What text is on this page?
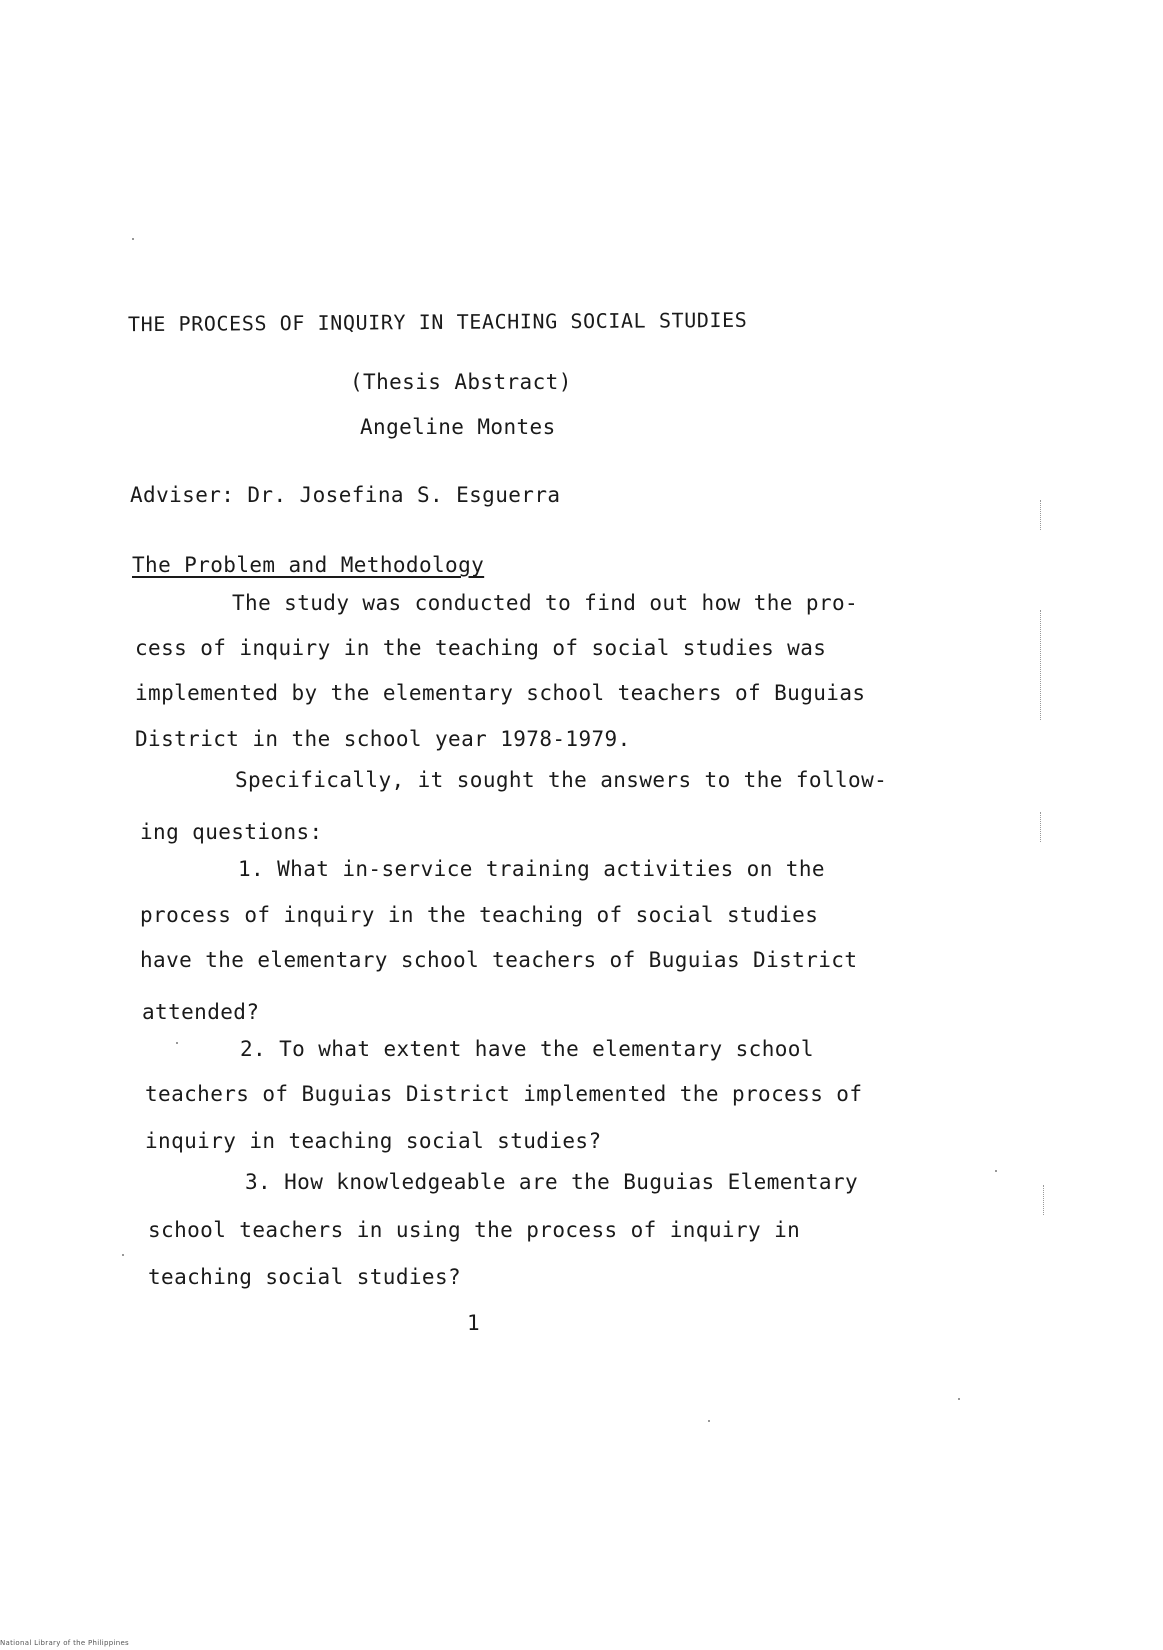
THE PROCESS OF INQUIRY IN TEACHING SOCIAL STUDIES
(Thesis Abstract)
Angeline Montes
Adviser: Dr. Josefina S. Esguerra
The Problem and Methodology
The study was conducted to find out how the pro-
cess of inquiry in the teaching of social studies was
implemented by the elementary school teachers of Buguias
District in the school year 1978-1979.
Specifically, it sought the answers to the follow-
ing questions:
1. What in-service training activities on the
process of inquiry in the teaching of social studies
have the elementary school teachers of Buguias District
attended?
2. To what extent have the elementary school
teachers of Buguias District implemented the process of
inquiry in teaching social studies?
3. How knowledgeable are the Buguias Elementary
school teachers in using the process of inquiry in
teaching social studies?
1
National Library of the Philippines
